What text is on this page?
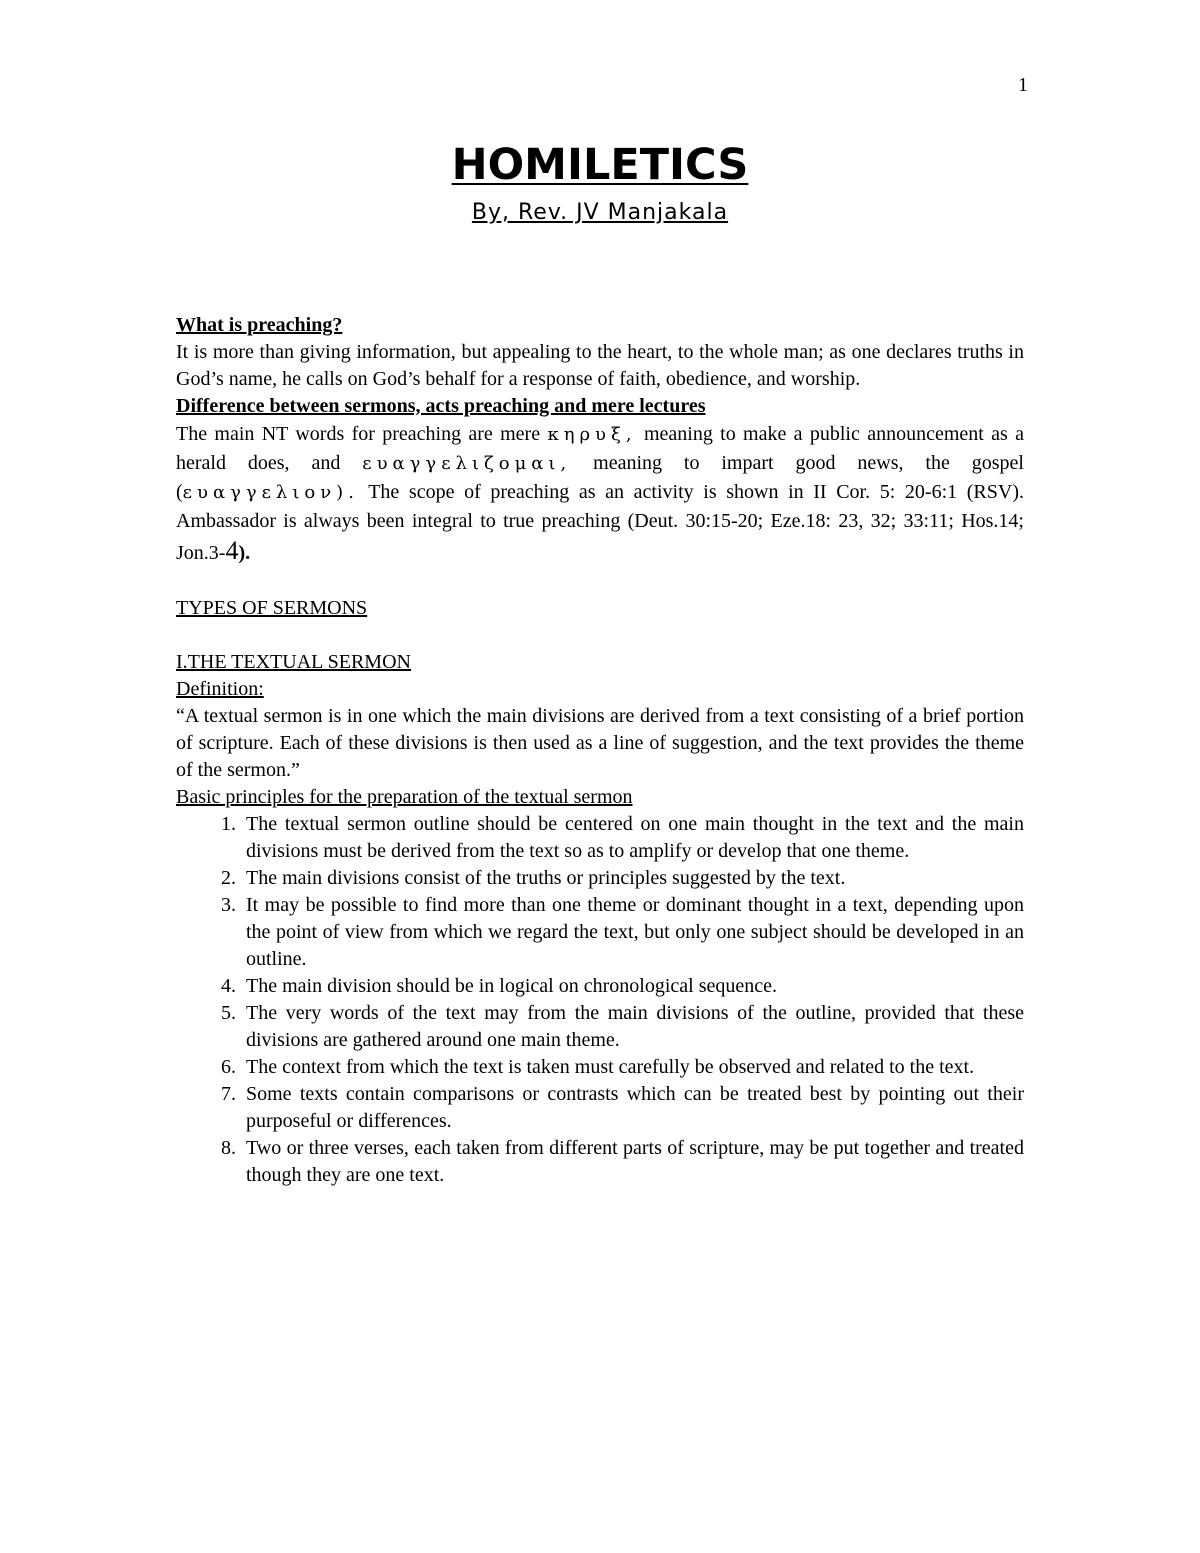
1
HOMILETICS
By, Rev. JV Manjakala

What is preaching?

It is more than giving information, but appealing to the heart, to the whole man; as one declares truths in God’s name, he calls on God’s behalf for a response of faith, obedience, and worship.

Difference between sermons, acts preaching and mere lectures

The main NT words for preaching are mere κηρυξ, meaning to make a public announcement as a herald does, and ευαγγελιζομαι, meaning to impart good news, the gospel (ευαγγελιον). The scope of preaching as an activity is shown in II Cor. 5: 20-6:1 (RSV). Ambassador is always been integral to true preaching (Deut. 30:15-20; Eze.18: 23, 32; 33:11; Hos.14; Jon.3-4).

TYPES OF SERMONS

I.THE TEXTUAL SERMON

Definition:

“A textual sermon is in one which the main divisions are derived from a text consisting of a brief portion of scripture. Each of these divisions is then used as a line of suggestion, and the text provides the theme of the sermon.”

Basic principles for the preparation of the textual sermon

1. The textual sermon outline should be centered on one main thought in the text and the main divisions must be derived from the text so as to amplify or develop that one theme.
2. The main divisions consist of the truths or principles suggested by the text.
3. It may be possible to find more than one theme or dominant thought in a text, depending upon the point of view from which we regard the text, but only one subject should be developed in an outline.
4. The main division should be in logical on chronological sequence.
5. The very words of the text may from the main divisions of the outline, provided that these divisions are gathered around one main theme.
6. The context from which the text is taken must carefully be observed and related to the text.
7. Some texts contain comparisons or contrasts which can be treated best by pointing out their purposeful or differences.
8. Two or three verses, each taken from different parts of scripture, may be put together and treated though they are one text.
